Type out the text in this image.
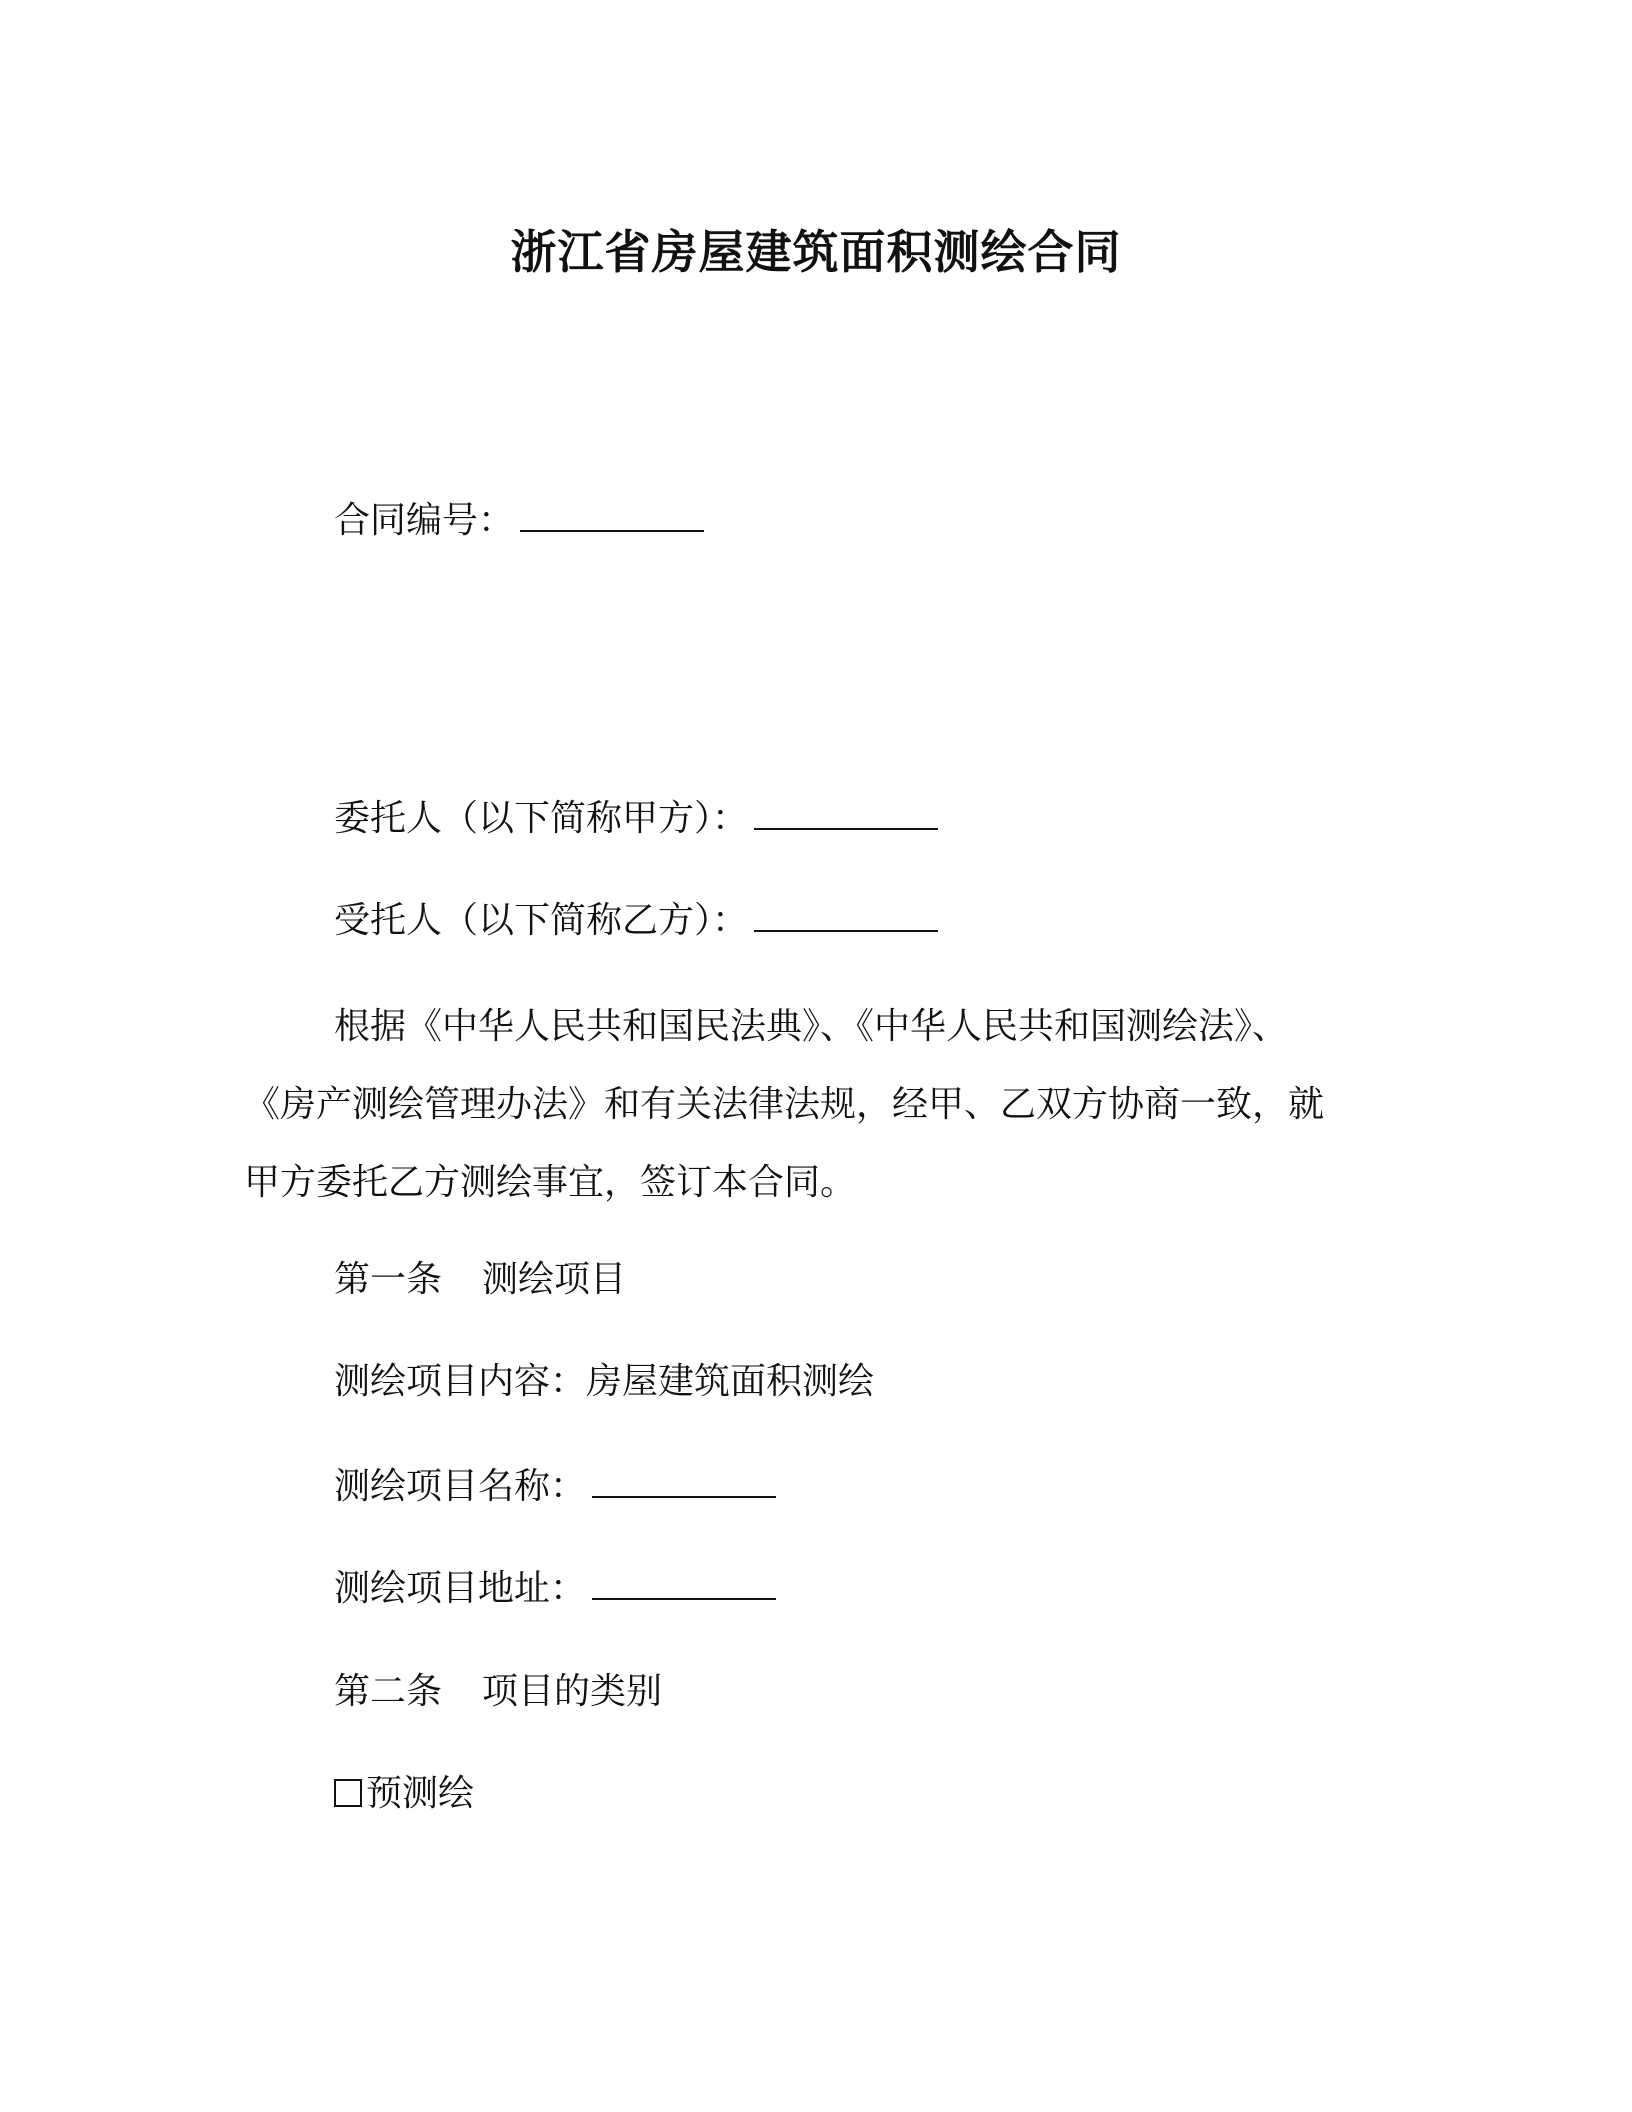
浙江省房屋建筑面积测绘合同
合同编号：
委托人（以下简称甲方）：
受托人（以下简称乙方）：
根据《中华人民共和国民法典》、《中华人民共和国测绘法》、
《房产测绘管理办法》和有关法律法规，经甲、乙双方协商一致，就
甲方委托乙方测绘事宜，签订本合同。
第一条 测绘项目
测绘项目内容：房屋建筑面积测绘
测绘项目名称：
测绘项目地址：
第二条 项目的类别
预测绘
